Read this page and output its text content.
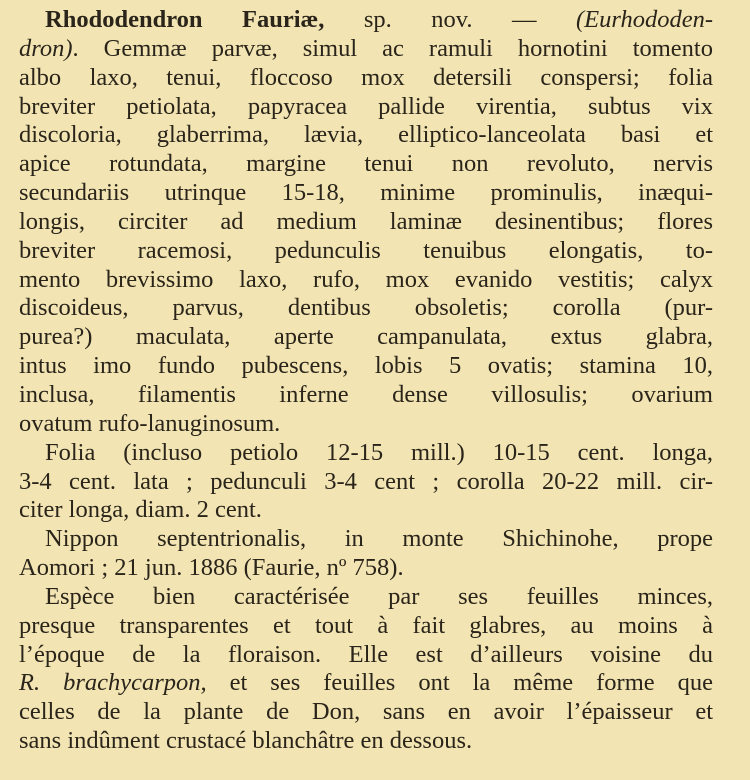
Rhododendron Fauriæ, sp. nov. — (Eurhododen-
dron). Gemmæ parvæ, simul ac ramuli hornotini tomento
albo laxo, tenui, floccoso mox detersili conspersi; folia
breviter petiolata, papyracea pallide virentia, subtus vix
discoloria, glaberrima, lævia, elliptico-lanceolata basi et
apice rotundata, margine tenui non revoluto, nervis
secundariis utrinque 15-18, minime prominulis, inæqui-
longis, circiter ad medium laminæ desinentibus; flores
breviter racemosi, pedunculis tenuibus elongatis, to-
mento brevissimo laxo, rufo, mox evanido vestitis; calyx
discoideus, parvus, dentibus obsoletis; corolla (pur-
purea?) maculata, aperte campanulata, extus glabra,
intus imo fundo pubescens, lobis 5 ovatis; stamina 10,
inclusa, filamentis inferne dense villosulis; ovarium
ovatum rufo-lanuginosum.
Folia (incluso petiolo 12-15 mill.) 10-15 cent. longa,
3-4 cent. lata ; pedunculi 3-4 cent ; corolla 20-22 mill. cir-
citer longa, diam. 2 cent.
Nippon septentrionalis, in monte Shichinohe, prope
Aomori ; 21 jun. 1886 (Faurie, nº 758).
Espèce bien caractérisée par ses feuilles minces,
presque transparentes et tout à fait glabres, au moins à
l’époque de la floraison. Elle est d’ailleurs voisine du
R. brachycarpon, et ses feuilles ont la même forme que
celles de la plante de Don, sans en avoir l’épaisseur et
sans indûment crustacé blanchâtre en dessous.
